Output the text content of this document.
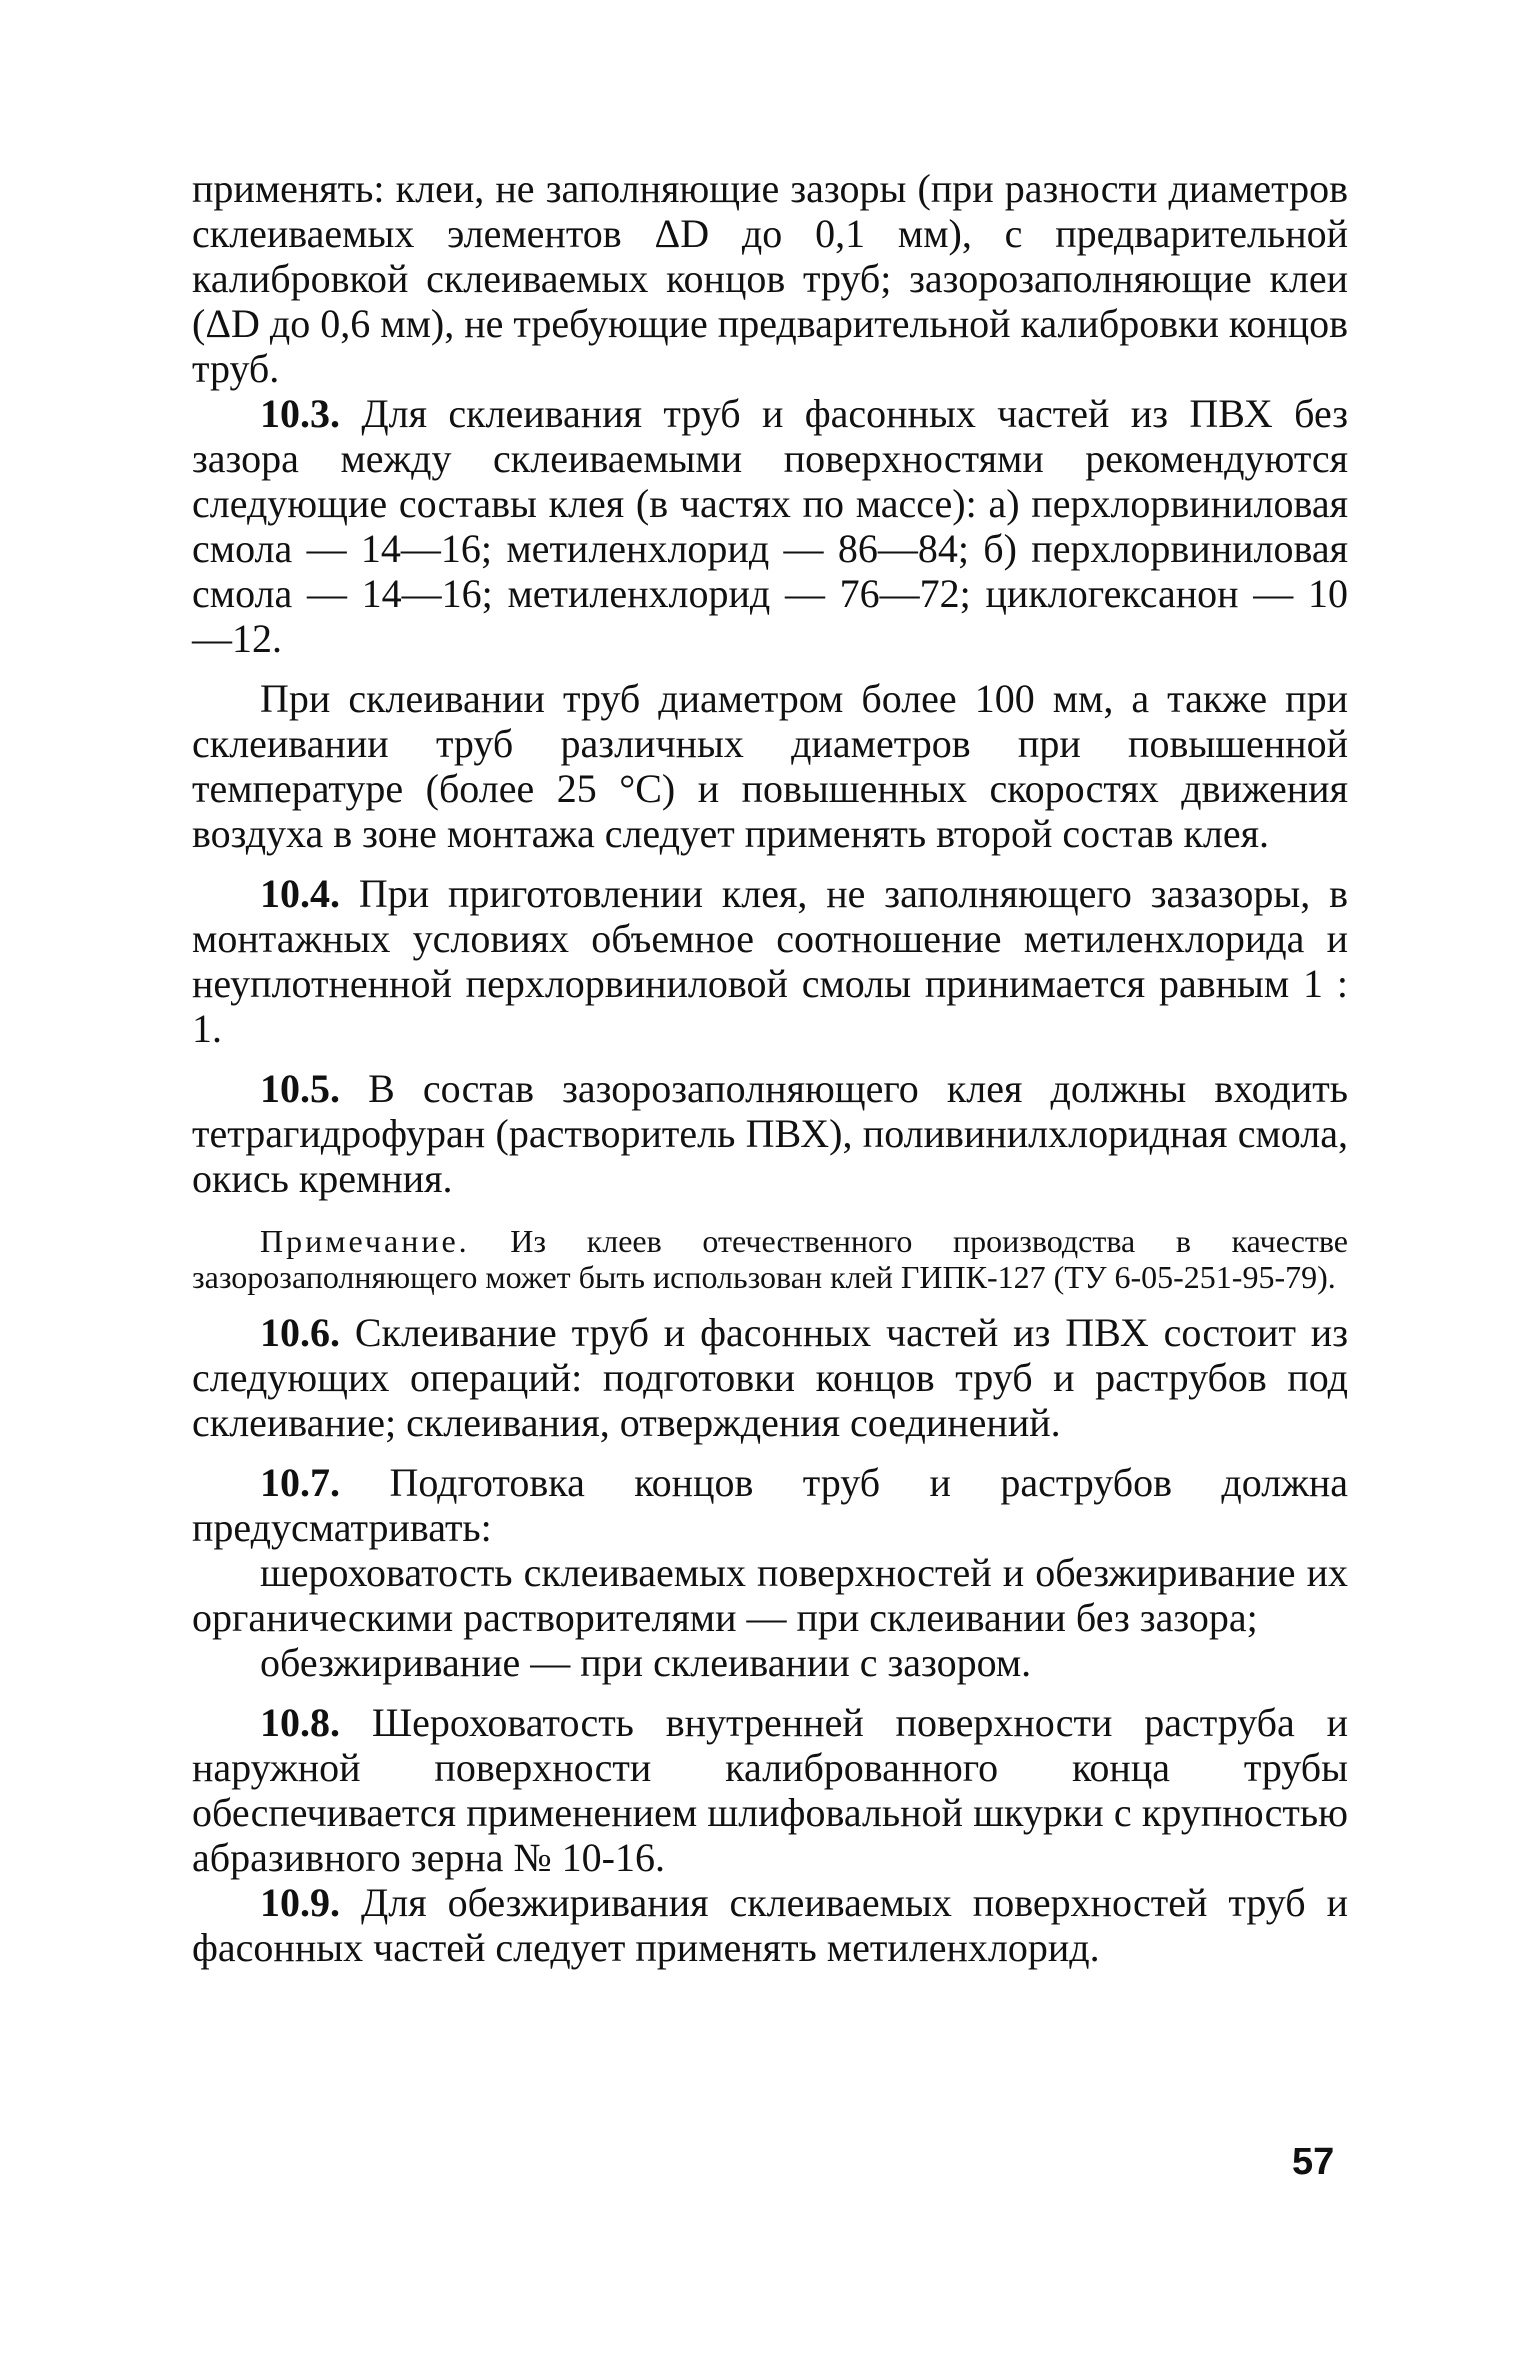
применять: клеи, не заполняющие зазоры (при разности диаметров склеиваемых элементов ΔD до 0,1 мм), с предварительной калибровкой склеиваемых концов труб; зазорозаполняющие клеи (ΔD до 0,6 мм), не требующие предварительной калибровки концов труб.

10.3. Для склеивания труб и фасонных частей из ПВХ без зазора между склеиваемыми поверхностями рекомендуются следующие составы клея (в частях по массе): а) перхлорвиниловая смола — 14—16; метиленхлорид — 86—84; б) перхлорвиниловая смола — 14—16; метиленхлорид — 76—72; циклогексанон — 10—12.

При склеивании труб диаметром более 100 мм, а также при склеивании труб различных диаметров при повышенной температуре (более 25 °С) и повышенных скоростях движения воздуха в зоне монтажа следует применять второй состав клея.

10.4. При приготовлении клея, не заполняющего зазазоры, в монтажных условиях объемное соотношение метиленхлорида и неуплотненной перхлорвиниловой смолы принимается равным 1 : 1.

10.5. В состав зазорозаполняющего клея должны входить тетрагидрофуран (растворитель ПВХ), поливинилхлоридная смола, окись кремния.

Примечание. Из клеев отечественного производства в качестве зазорозаполняющего может быть использован клей ГИПК-127 (ТУ 6-05-251-95-79).

10.6. Склеивание труб и фасонных частей из ПВХ состоит из следующих операций: подготовки концов труб и раструбов под склеивание; склеивания, отверждения соединений.

10.7. Подготовка концов труб и раструбов должна предусматривать:

шероховатость склеиваемых поверхностей и обезжиривание их органическими растворителями — при склеивании без зазора;

обезжиривание — при склеивании с зазором.

10.8. Шероховатость внутренней поверхности раструба и наружной поверхности калиброванного конца трубы обеспечивается применением шлифовальной шкурки с крупностью абразивного зерна № 10-16.

10.9. Для обезжиривания склеиваемых поверхностей труб и фасонных частей следует применять метиленхлорид.

57
